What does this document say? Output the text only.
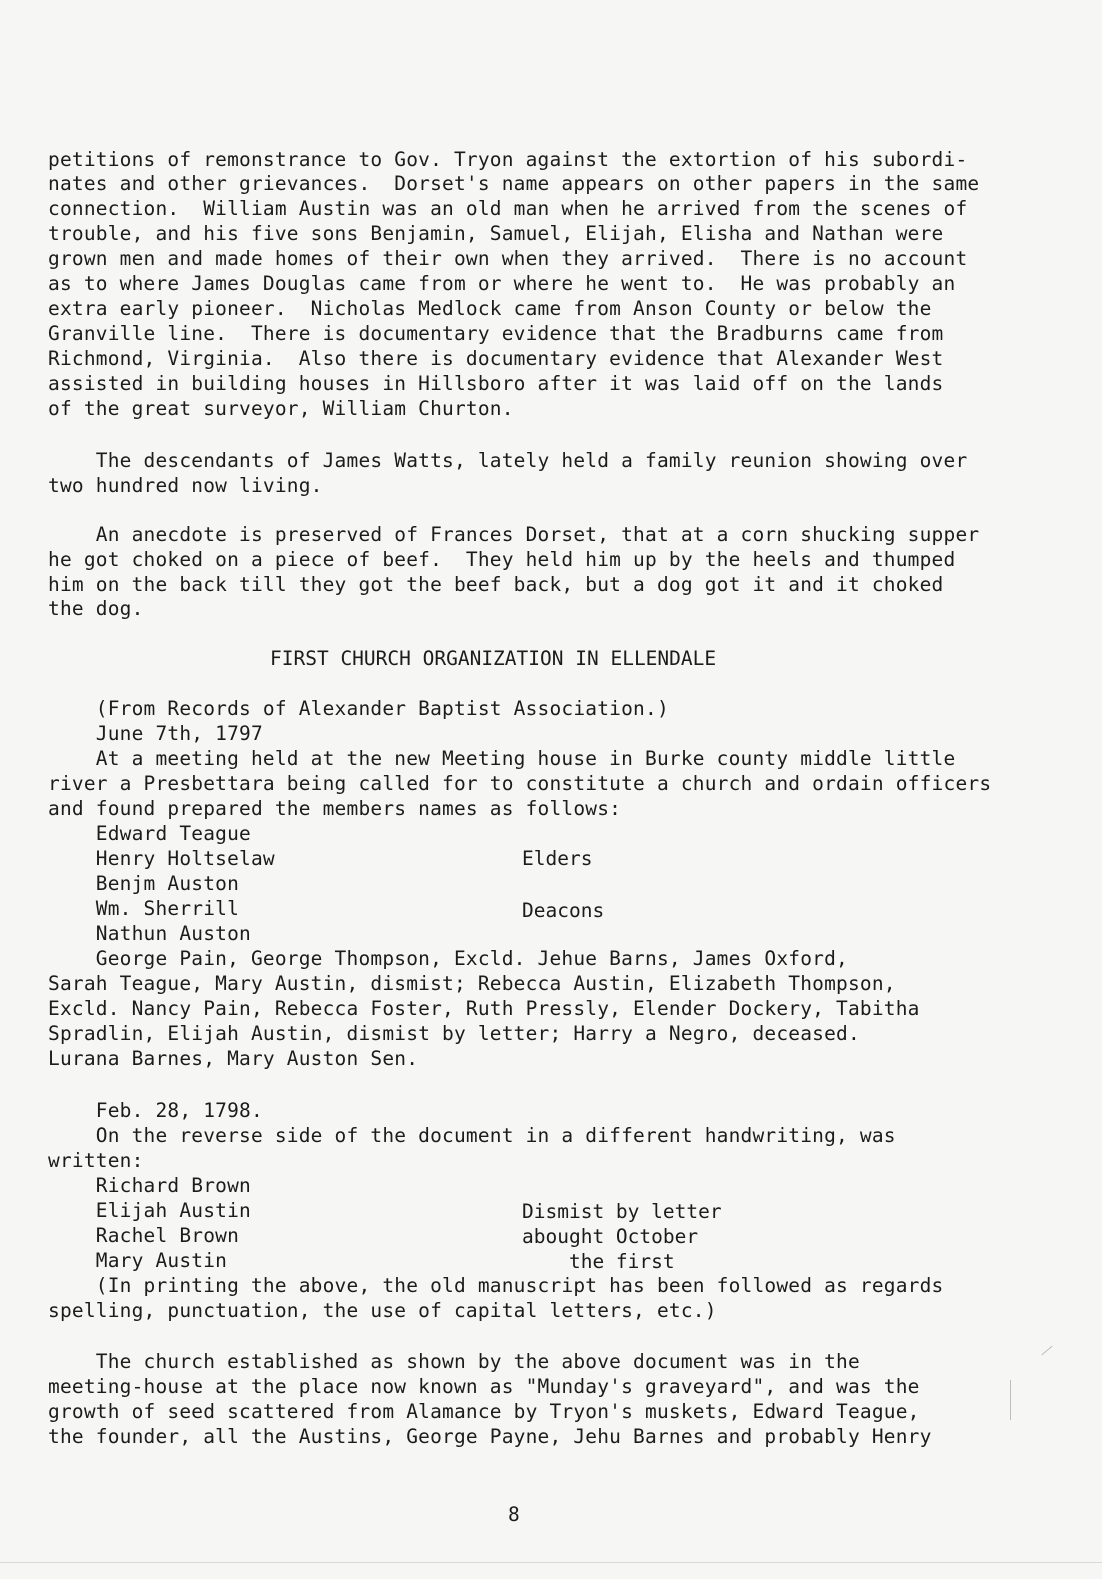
petitions of remonstrance to Gov. Tryon against the extortion of his subordi-
nates and other grievances.  Dorset's name appears on other papers in the same
connection.  William Austin was an old man when he arrived from the scenes of
trouble, and his five sons Benjamin, Samuel, Elijah, Elisha and Nathan were
grown men and made homes of their own when they arrived.  There is no account
as to where James Douglas came from or where he went to.  He was probably an
extra early pioneer.  Nicholas Medlock came from Anson County or below the
Granville line.  There is documentary evidence that the Bradburns came from
Richmond, Virginia.  Also there is documentary evidence that Alexander West
assisted in building houses in Hillsboro after it was laid off on the lands
of the great surveyor, William Churton.
The descendants of James Watts, lately held a family reunion showing over
two hundred now living.
An anecdote is preserved of Frances Dorset, that at a corn shucking supper
he got choked on a piece of beef.  They held him up by the heels and thumped
him on the back till they got the beef back, but a dog got it and it choked
the dog.
FIRST CHURCH ORGANIZATION IN ELLENDALE
(From Records of Alexander Baptist Association.)
June 7th, 1797
At a meeting held at the new Meeting house in Burke county middle little
river a Presbettara being called for to constitute a church and ordain officers
and found prepared the members names as follows:
Edward Teague
Henry Holtselaw
Benjm Auston
Wm. Sherrill
Nathun Auston
George Pain, George Thompson, Excld. Jehue Barns, James Oxford,
Sarah Teague, Mary Austin, dismist; Rebecca Austin, Elizabeth Thompson,
Excld. Nancy Pain, Rebecca Foster, Ruth Pressly, Elender Dockery, Tabitha
Spradlin, Elijah Austin, dismist by letter; Harry a Negro, deceased.
Lurana Barnes, Mary Auston Sen.
Elders
Deacons
Feb. 28, 1798.
On the reverse side of the document in a different handwriting, was
written:
Richard Brown
Elijah Austin
Rachel Brown
Mary Austin
(In printing the above, the old manuscript has been followed as regards
spelling, punctuation, the use of capital letters, etc.)
Dismist by letter
abought October
the first
The church established as shown by the above document was in the
meeting-house at the place now known as "Munday's graveyard", and was the
growth of seed scattered from Alamance by Tryon's muskets, Edward Teague,
the founder, all the Austins, George Payne, Jehu Barnes and probably Henry
8
